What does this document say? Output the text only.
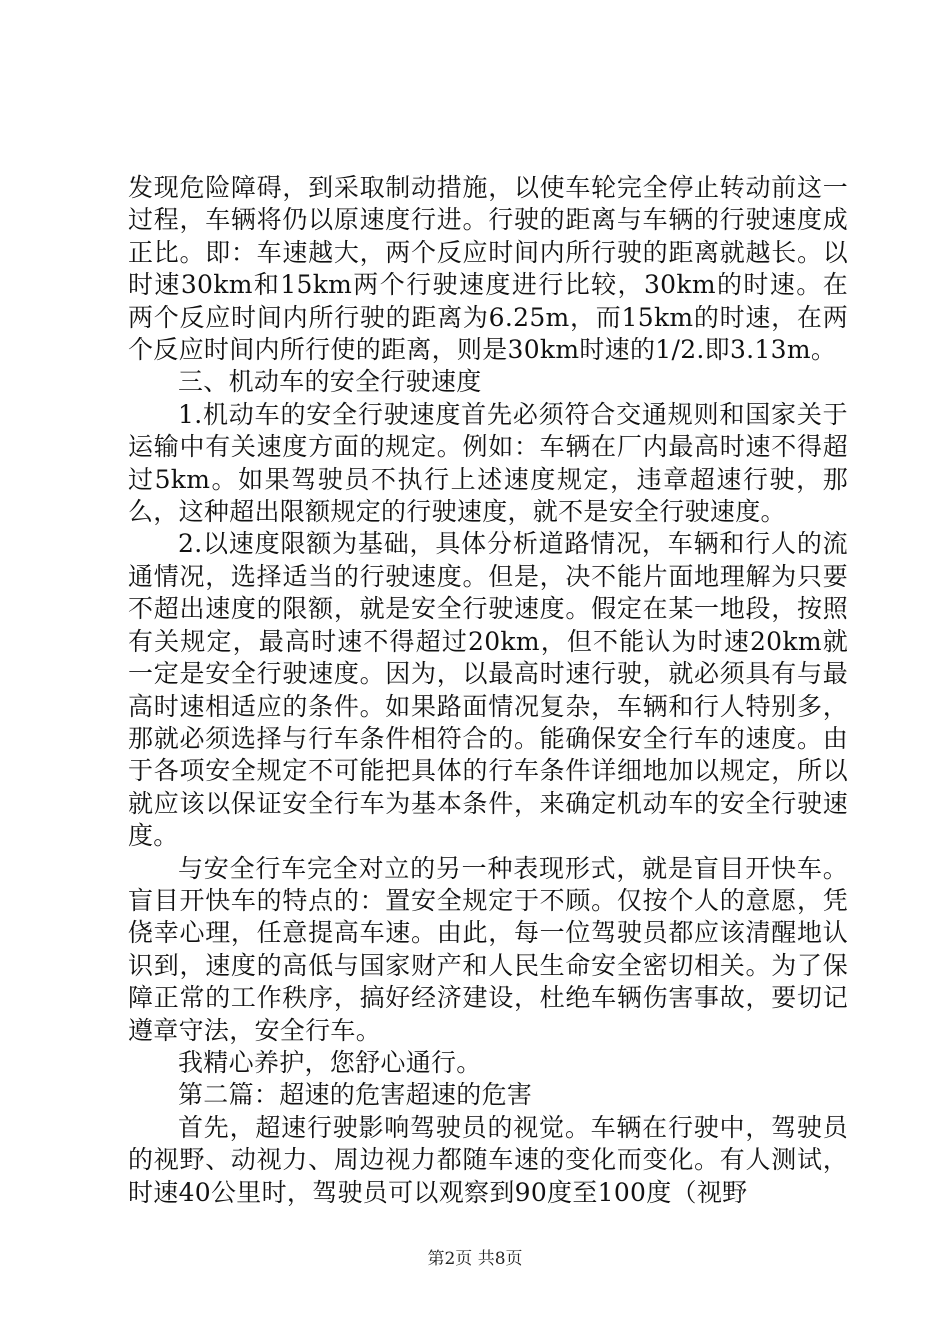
发现危险障碍，到采取制动措施，以使车轮完全停止转动前这一过程，车辆将仍以原速度行进。行驶的距离与车辆的行驶速度成正比。即：车速越大，两个反应时间内所行驶的距离就越长。以时速30km和15km两个行驶速度进行比较，30km的时速。在两个反应时间内所行驶的距离为6.25m，而15km的时速，在两个反应时间内所行使的距离，则是30km时速的1/2.即3.13m。

三、机动车的安全行驶速度

1.机动车的安全行驶速度首先必须符合交通规则和国家关于运输中有关速度方面的规定。例如：车辆在厂内最高时速不得超过5km。如果驾驶员不执行上述速度规定，违章超速行驶，那么，这种超出限额规定的行驶速度，就不是安全行驶速度。

2.以速度限额为基础，具体分析道路情况，车辆和行人的流通情况，选择适当的行驶速度。但是，决不能片面地理解为只要不超出速度的限额，就是安全行驶速度。假定在某一地段，按照有关规定，最高时速不得超过20km，但不能认为时速20km就一定是安全行驶速度。因为，以最高时速行驶，就必须具有与最高时速相适应的条件。如果路面情况复杂，车辆和行人特别多，那就必须选择与行车条件相符合的。能确保安全行车的速度。由于各项安全规定不可能把具体的行车条件详细地加以规定，所以就应该以保证安全行车为基本条件，来确定机动车的安全行驶速度。

与安全行车完全对立的另一种表现形式，就是盲目开快车。盲目开快车的特点的：置安全规定于不顾。仅按个人的意愿，凭侥幸心理，任意提高车速。由此，每一位驾驶员都应该清醒地认识到，速度的高低与国家财产和人民生命安全密切相关。为了保障正常的工作秩序，搞好经济建设，杜绝车辆伤害事故，要切记遵章守法，安全行车。

我精心养护，您舒心通行。

第二篇：超速的危害超速的危害

首先，超速行驶影响驾驶员的视觉。车辆在行驶中，驾驶员的视野、动视力、周边视力都随车速的变化而变化。有人测试，时速40公里时，驾驶员可以观察到90度至100度（视野

第2页 共8页
